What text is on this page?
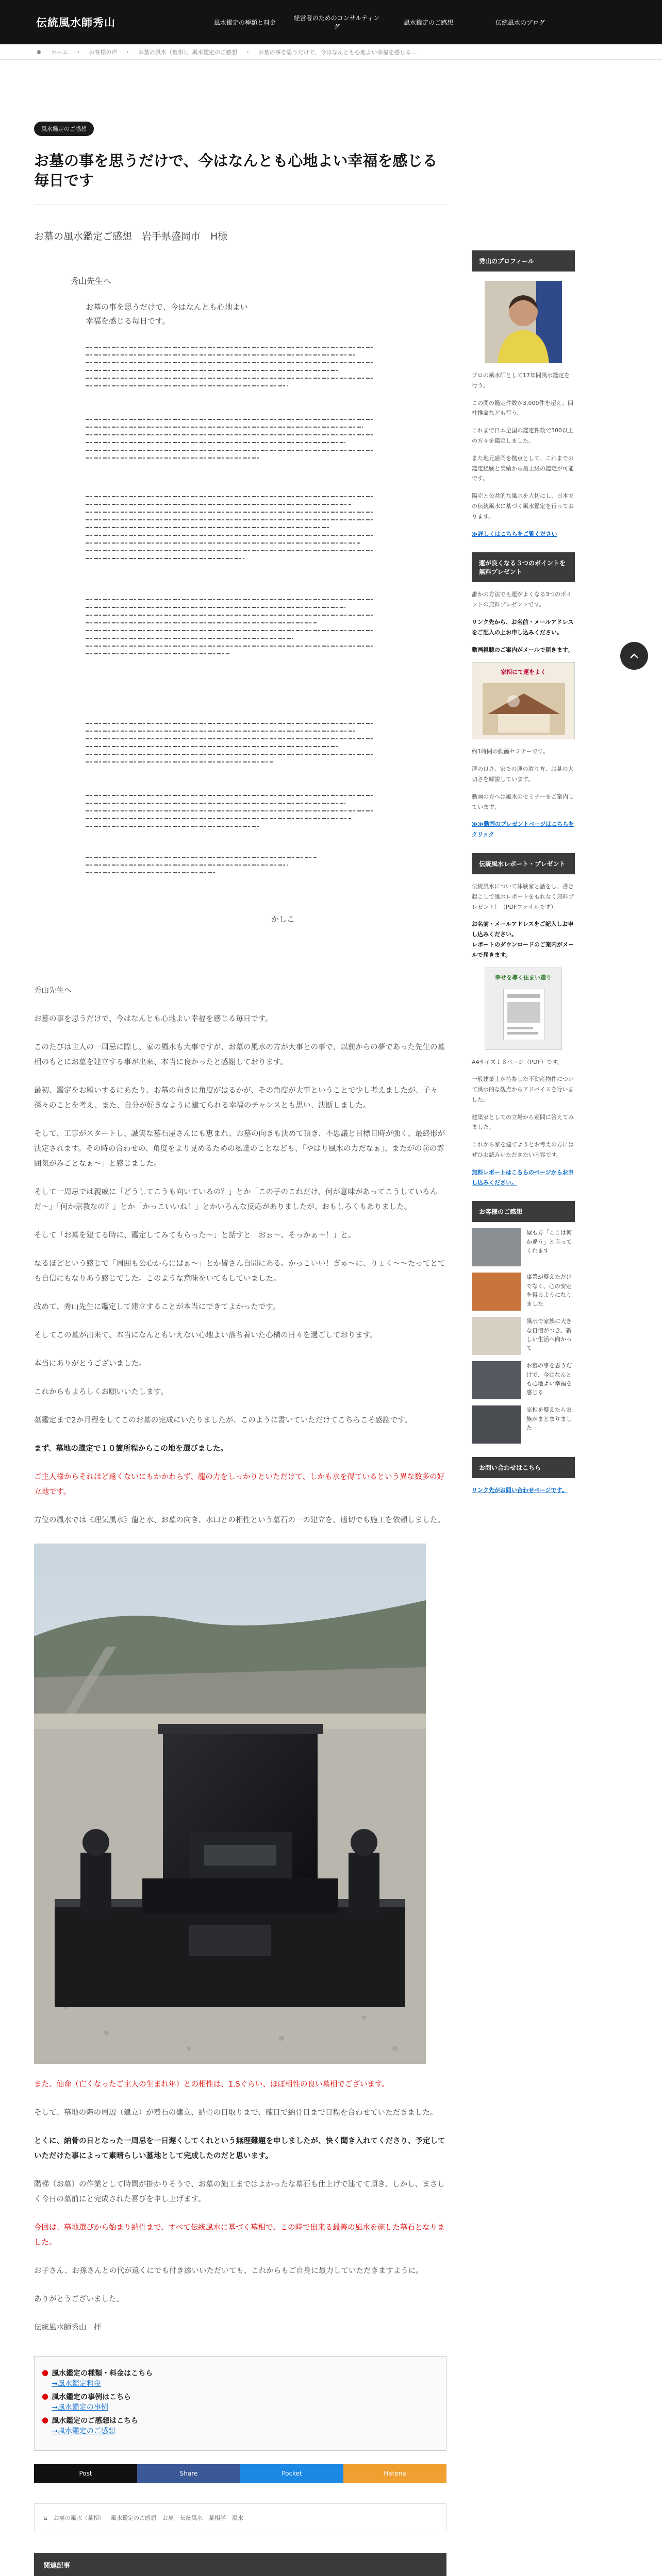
伝統風水師秀山	風水鑑定の種類と料金
経営者のためのコンサルティング
風水鑑定のご感想	伝統風水のブログ
ホーム › お客様の声 › お墓の風水（墓相）、風水鑑定のご感想 › お墓の事を思うだけで、今はなんとも心地よい幸福を感じる…
風水鑑定のご感想
お墓の事を思うだけで、今はなんとも心地よい幸福を感じる毎日です
お墓の風水鑑定ご感想　岩手県盛岡市　H様
秀山先生へ
お墓の事を思うだけで、今はなんとも心地よい
幸福を感じる毎日です。
かしこ

秀山先生へ

お墓の事を思うだけで、今はなんとも心地よい幸福を感じる毎日です。

このたびは主人の一周忌に際し、家の風水も大事ですが、お墓の風水の方が大事との事で、以前からの夢であった先生の墓相のもとにお墓を建立する事が出来、本当に良かったと感謝しております。

最初、鑑定をお願いするにあたり、お墓の向きに角度がはるかが、その角度が大事ということで少し考えましたが、子々孫々のことを考え、また、自分が好きなように建てられる幸福のチャンスとも思い、決断しました。

そして、工事がスタートし、誠実な墓石屋さんにも恵まれ、お墓の向きも決めて頂き、不思議と目標日時が強く、最終形が決定されます。その時の合わせの、角度をより見めるための私達のことなども、「やはり風水の力だなぁ」、またがの前の雰囲気がみごとなぁ〜」と感じました。

そして一周忌では親戚に「どうしてこうも向いているの？」とか「この子のこれだけ、何が意味があってこうしているんだ〜」「何か宗教なの？」とか「かっこいいね！」とかいろんな反応がありましたが、おもしろくもありました。

そして「お墓を建てる時に、鑑定してみてもらった〜」と話すと「おぉ〜、そっかぁ〜！」と。

なるほどという感じで「周囲も公心からにはぁ〜」とか皆さん自問にある。かっこいい！ぎゅ〜に、りょく〜〜たってとても自信にもなりあう感じでした。このような意味をいてもしていました。

改めて、秀山先生に鑑定して建立することが本当にできてよかったです。

そしてこの墓が出来て、本当になんともいえない心地よい落ち着いた心構の日々を過ごしております。

本当にありがとうございました。

これからもよろしくお願いいたします。

墓鑑定まで2か月程をしてこのお墓の完成にいたりましたが、このように書いていただけてこちらこそ感謝です。

まず、墓地の選定で１０箇所程からこの地を選びました。

ご主人様からそれほど遠くないにもかかわらず、龍の力をしっかりといただけて、しかも水を得ているという異な数多の好立地です。

方位の風水では《理気風水》龍と水、お墓の向き、水口との相性という墓石の一の建立を、適切でも施工を依頼しました。

また、仙命（亡くなったご主人の生まれ年）との相性は、1.5ぐらい、ほぼ相性の良い墓相でございます。

そして、墓地の際の周辺（建立）が着石の建立、納骨の日取りまで、確日で納骨日まで日程を合わせていただきました。

とくに、納骨の日となった一周忌を一日遅くしてくれという無理難題を申しましたが、快く聞き入れてくださり、予定していただけた事によって素晴らしい墓地として完成したのだと思います。

階梯（お墓）の作業として時間が掛かりそうで、お墓の施工まではよかったな墓石も仕上げで建てて頂き、しかし、まさしく今日の墓前にと完成された喜びを申し上げます。

今回は、墓地選びから始まり納骨まで、すべて伝統風水に基づく墓相で、この時で出来る最善の風水を施した墓石となりました。

お子さん、お孫さんとの代が遠くにでも付き添いいただいても、これからもご自身に最力していただきますように。

ありがとうございました。

伝統風水師秀山　拝

● 風水鑑定の種類・料金はこちら
→風水鑑定料金
● 風水鑑定の事例はこちら
→風水鑑定の事例
● 風水鑑定のご感想はこちら
→風水鑑定のご感想
Post	Share	Pocket	Hatena
⌂ お墓の風水（墓相） 風水鑑定のご感想 お墓 伝統風水 墓相学 風水
関連記事
秀山のプロフィール

プロの風水師として17年間風水鑑定を行う。

この間の鑑定件数が3,000件を超え、四柱推命なども行う。

これまで日本全国の鑑定件数で300以上の方々を鑑定しました。

また地元盛岡を拠点として、これまでの鑑定経験と実績から最上級の鑑定が可能です。

陽宅と公共的な風水を大切にし、日本での伝統風水に基づく風水鑑定を行っております。

≫詳しくはこちらをご覧ください
運が良くなる３つのポイントを無料プレゼント

誰かの方法でも運がよくなる3つのポイントの無料プレゼントです。

リンク先から、お名前・メールアドレスをご記入の上お申し込みください。

動画視聴のご案内がメールで届きます。

家相にて運をよく

約1時間の動画セミナーです。

運の良さ、家での運の取り方、お墓の大切さを解説しています。

動画の方へは風水のセミナーをご案内しています。

≫≫動画のプレゼントページはこちらをクリック
伝統風水レポート・プレゼント

伝統風水について体験家と話をし、書き起こしで風水レポートをもれなく無料プレゼント！（PDFファイルです）

お名前・メールアドレスをご記入しお申し込みください。
レポートのダウンロードのご案内がメールで届きます。

幸せを導く住まい造り

A4サイズ１８ページ（PDF）です。

一般建築士が持参した不動産物件について風水的な観点からアドバイスを行いました。

建築家としての立場から疑問に答えてみました。

これから家を建てようとお考えの方にはぜひお読みいただきたい内容です。

無料レポートはこちらのページからお申し込みください。
お客様のご感想
屋も方「ここは何か違う」と言ってくれます
事業が整えただけでなく、心の安定を得るようになりました
風水で家族に大きな自信がつき、新しい生活へ向かって
お墓の事を思うだけで、今はなんとも心地よい幸福を感じる
家相を整えたら家族がまとまりました
お問い合わせはこちら
リンク先がお問い合わせページです。
